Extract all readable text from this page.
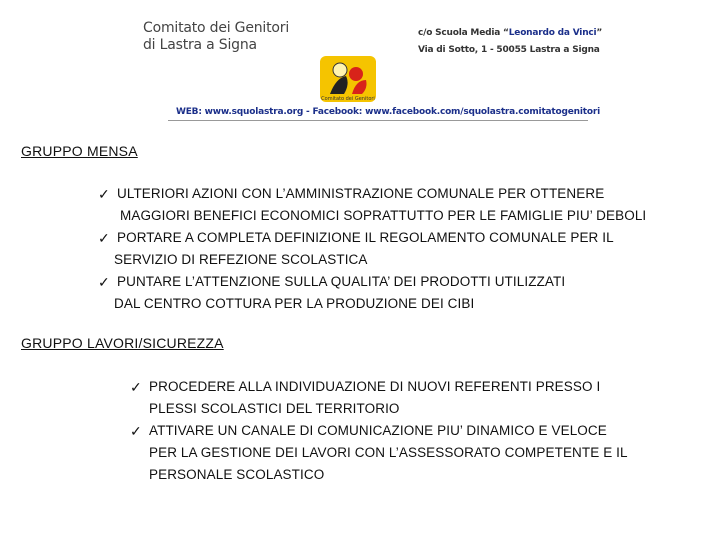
Comitato dei Genitori
di Lastra a Signa
c/o Scuola Media “Leonardo da Vinci”
Via di Sotto, 1 - 50055 Lastra a Signa
Comitato dei Genitori
WEB: www.squolastra.org - Facebook: www.facebook.com/squolastra.comitatogenitori
GRUPPO MENSA
✓ ULTERIORI AZIONI CON L’AMMINISTRAZIONE COMUNALE PER OTTENERE
MAGGIORI BENEFICI ECONOMICI SOPRATTUTTO PER LE FAMIGLIE PIU’ DEBOLI
✓ PORTARE A COMPLETA DEFINIZIONE IL REGOLAMENTO COMUNALE PER IL
SERVIZIO DI REFEZIONE SCOLASTICA
✓ PUNTARE L’ATTENZIONE SULLA QUALITA’ DEI PRODOTTI UTILIZZATI
DAL CENTRO COTTURA PER LA PRODUZIONE DEI CIBI
GRUPPO LAVORI/SICUREZZA
✓ PROCEDERE ALLA INDIVIDUAZIONE DI NUOVI REFERENTI PRESSO I
PLESSI SCOLASTICI DEL TERRITORIO
✓ ATTIVARE UN CANALE DI COMUNICAZIONE PIU’ DINAMICO E VELOCE
PER LA GESTIONE DEI LAVORI CON L’ASSESSORATO COMPETENTE E IL
PERSONALE SCOLASTICO
